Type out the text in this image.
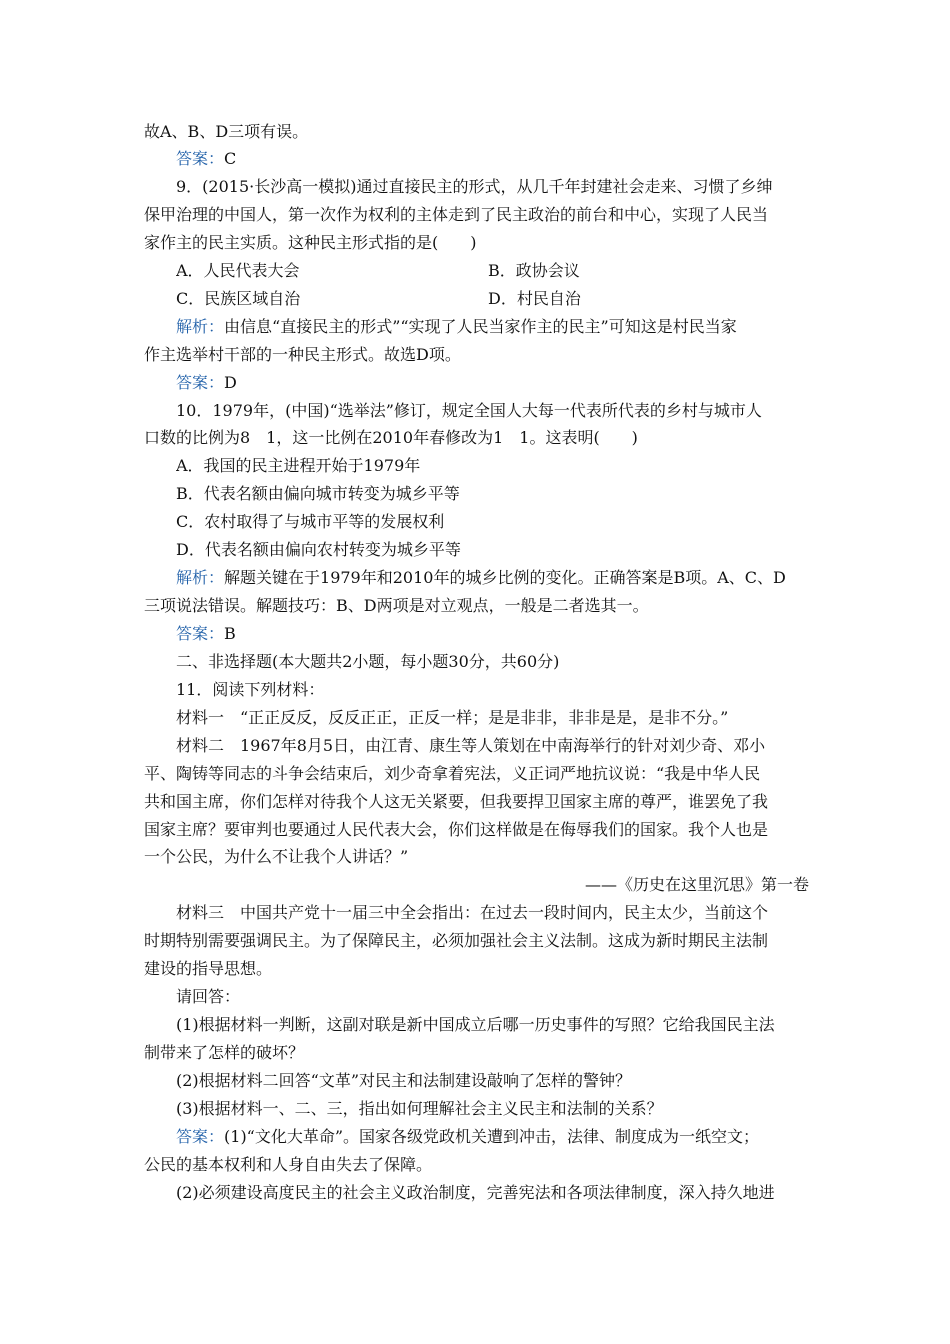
故A、B、D三项有误。
答案：C
9．(2015·长沙高一模拟)通过直接民主的形式，从几千年封建社会走来、习惯了乡绅
保甲治理的中国人，第一次作为权利的主体走到了民主政治的前台和中心，实现了人民当
家作主的民主实质。这种民主形式指的是(　　)
A．人民代表大会	B．政协会议
C．民族区域自治	D．村民自治
解析：由信息“直接民主的形式”“实现了人民当家作主的民主”可知这是村民当家
作主选举村干部的一种民主形式。故选D项。
答案：D
10．1979年，(中国)“选举法”修订，规定全国人大每一代表所代表的乡村与城市人
口数的比例为8　1，这一比例在2010年春修改为1　1。这表明(　　)
A．我国的民主进程开始于1979年
B．代表名额由偏向城市转变为城乡平等
C．农村取得了与城市平等的发展权利
D．代表名额由偏向农村转变为城乡平等
解析：解题关键在于1979年和2010年的城乡比例的变化。正确答案是B项。A、C、D
三项说法错误。解题技巧：B、D两项是对立观点，一般是二者选其一。
答案：B
二、非选择题(本大题共2小题，每小题30分，共60分)
11．阅读下列材料：
材料一　“正正反反，反反正正，正反一样；是是非非，非非是是，是非不分。”
材料二　1967年8月5日，由江青、康生等人策划在中南海举行的针对刘少奇、邓小
平、陶铸等同志的斗争会结束后，刘少奇拿着宪法，义正词严地抗议说：“我是中华人民
共和国主席，你们怎样对待我个人这无关紧要，但我要捍卫国家主席的尊严，谁罢免了我
国家主席？要审判也要通过人民代表大会，你们这样做是在侮辱我们的国家。我个人也是
一个公民，为什么不让我个人讲话？”
——《历史在这里沉思》第一卷
材料三　中国共产党十一届三中全会指出：在过去一段时间内，民主太少，当前这个
时期特别需要强调民主。为了保障民主，必须加强社会主义法制。这成为新时期民主法制
建设的指导思想。
请回答：
(1)根据材料一判断，这副对联是新中国成立后哪一历史事件的写照？它给我国民主法
制带来了怎样的破坏？
(2)根据材料二回答“文革”对民主和法制建设敲响了怎样的警钟？
(3)根据材料一、二、三，指出如何理解社会主义民主和法制的关系？
答案：(1)“文化大革命”。国家各级党政机关遭到冲击，法律、制度成为一纸空文；
公民的基本权利和人身自由失去了保障。
(2)必须建设高度民主的社会主义政治制度，完善宪法和各项法律制度，深入持久地进
